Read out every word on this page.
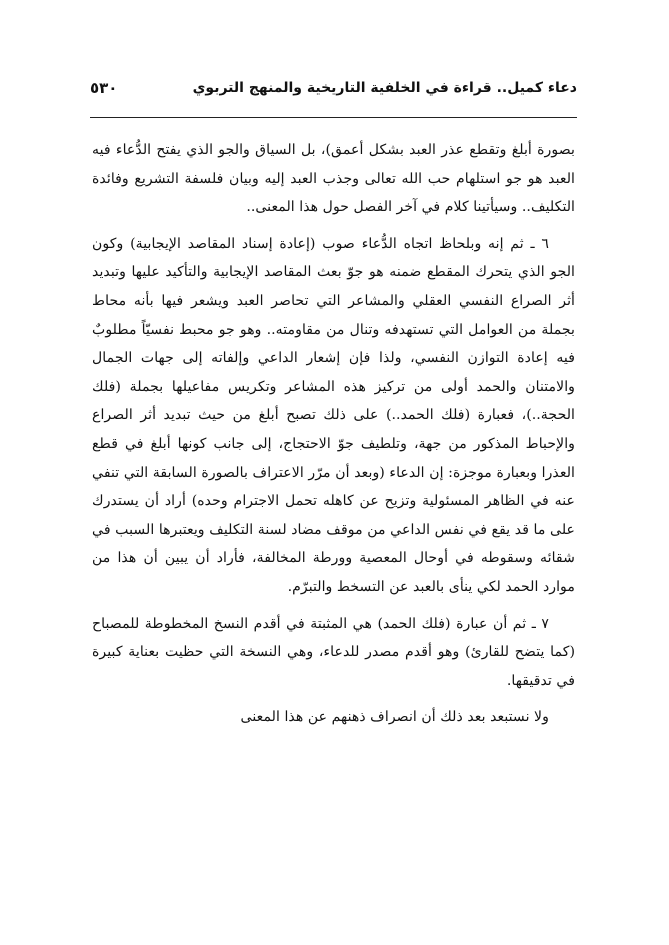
٥٣٠	دعاء كميل.. قراءة في الخلفية التاريخية والمنهج التربوي

بصورة أبلغ وتقطع عذر العبد بشكل أعمق)، بل السياق والجو الذي يفتح الدُّعاء فيه العبد هو جو استلهام حب الله تعالى وجذب العبد إليه وبيان فلسفة التشريع وفائدة التكليف.. وسيأتينا كلام في آخر الفصل حول هذا المعنى..

٦ ـ ثم إنه وبلحاظ اتجاه الدُّعاء صوب (إعادة إسناد المقاصد الإيجابية) وكون الجو الذي يتحرك المقطع ضمنه هو جوّ بعث المقاصد الإيجابية والتأكيد عليها وتبديد أثر الصراع النفسي العقلي والمشاعر التي تحاصر العبد ويشعر فيها بأنه محاط بجملة من العوامل التي تستهدفه وتنال من مقاومته.. وهو جو محبط نفسيّاً مطلوبٌ فيه إعادة التوازن النفسي، ولذا فإن إشعار الداعي وإلفاته إلى جهات الجمال والامتنان والحمد أولى من تركيز هذه المشاعر وتكريس مفاعيلها بجملة (فلك الحجة..)، فعبارة (فلك الحمد..) على ذلك تصبح أبلغ من حيث تبديد أثر الصراع والإحباط المذكور من جهة، وتلطيف جوّ الاحتجاج، إلى جانب كونها أبلغ في قطع العذرا وبعبارة موجزة: إن الدعاء (وبعد أن مرّر الاعتراف بالصورة السابقة التي تنفي عنه في الظاهر المسئولية وتزيح عن كاهله تحمل الاجترام وحده) أراد أن يستدرك على ما قد يقع في نفس الداعي من موقف مضاد لسنة التكليف ويعتبرها السبب في شقائه وسقوطه في أوحال المعصية وورطة المخالفة، فأراد أن يبين أن هذا من موارد الحمد لكي ينأى بالعبد عن التسخط والتبرّم.

٧ ـ ثم أن عبارة (فلك الحمد) هي المثبتة في أقدم النسخ المخطوطة للمصباح (كما يتضح للقارئ) وهو أقدم مصدر للدعاء، وهي النسخة التي حظيت بعناية كبيرة في تدقيقها.

ولا نستبعد بعد ذلك أن انصراف ذهنهم عن هذا المعنى
